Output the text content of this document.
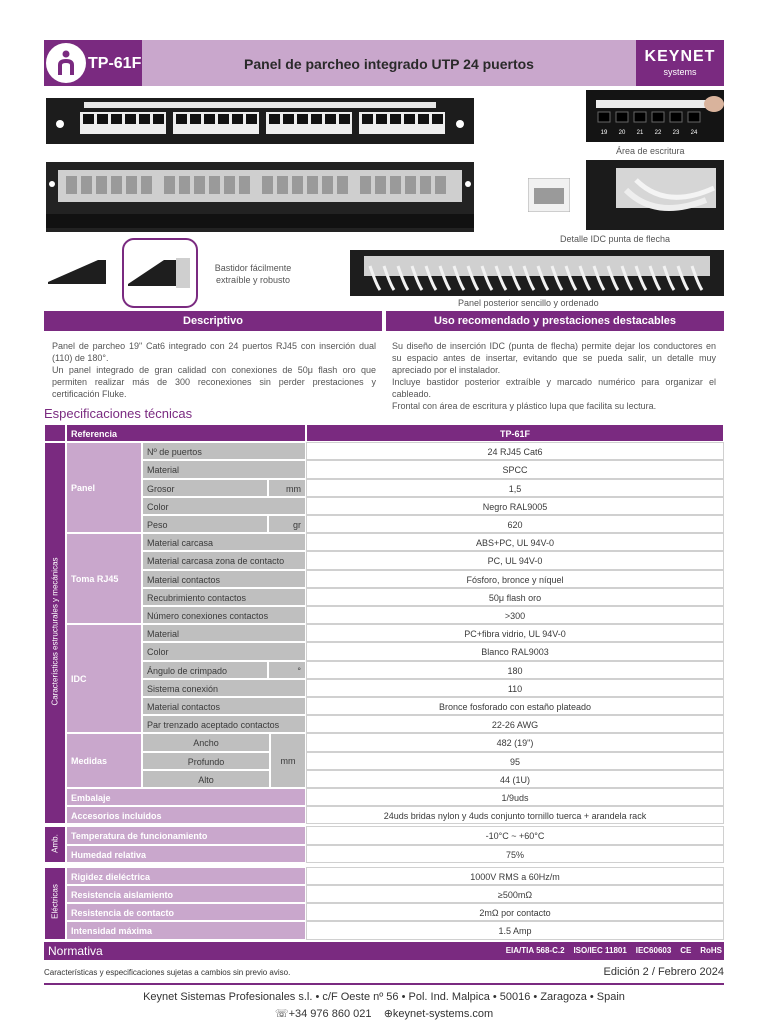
TP-61F	Panel de parcheo integrado UTP 24 puertos	KEYNET
systems
19 20 21 22 23 24
Área de escritura
Detalle IDC punta de flecha
Bastidor fácilmente extraíble y robusto
Panel posterior sencillo y ordenado
Descriptivo	Uso recomendado y prestaciones destacables
Panel de parcheo 19" Cat6 integrado con 24 puertos RJ45 con inserción dual (110) de 180°.
Un panel integrado de gran calidad con conexiones de 50μ flash oro que permiten realizar más de 300 reconexiones sin perder prestaciones y certificación Fluke.
Su diseño de inserción IDC (punta de flecha) permite dejar los conductores en su espacio antes de insertar, evitando que se pueda salir, un detalle muy apreciado por el instalador.
Incluye bastidor posterior extraíble y marcado numérico para organizar el cableado.
Frontal con área de escritura y plástico lupa que facilita su lectura.
Especificaciones técnicas
Referencia	TP-61F
Panel
Toma RJ45
IDC
Medidas
Nº de puertos	24 RJ45 Cat6
Material	SPCC
Grosor	mm	1,5
Color	Negro RAL9005
Peso	gr	620
Material carcasa	ABS+PC, UL 94V-0
Material carcasa zona de contacto	PC, UL 94V-0
Material contactos	Fósforo, bronce y níquel
Recubrimiento contactos	50μ flash oro
Número conexiones contactos	>300
Material	PC+fibra vidrio, UL 94V-0
Color	Blanco RAL9003
Ángulo de crimpado	°	180
Sistema conexión	110
Material contactos	Bronce fosforado con estaño plateado
Par trenzado aceptado contactos	22-26 AWG
Ancho	482 (19")
Profundo	95
Alto	44 (1U)
mm
Embalaje	1/9uds
Accesorios incluidos	24uds bridas nylon y 4uds conjunto tornillo tuerca + arandela rack
Temperatura de funcionamiento	-10°C ~ +60°C
Humedad relativa	75%
Rigidez dieléctrica	1000V RMS a 60Hz/m
Resistencia aislamiento	≥500mΩ
Resistencia de contacto	2mΩ por contacto
Intensidad máxima	1.5 Amp
Características estructurales y mecánicas
Amb.
Eléctricas
Normativa	EIA/TIA 568-C.2 ISO/IEC 11801 IEC60603 CE RoHS
Características y especificaciones sujetas a cambios sin previo aviso.	Edición 2 / Febrero 2024
Keynet Sistemas Profesionales s.l. • c/F Oeste nº 56 • Pol. Ind. Malpica • 50016 • Zaragoza • Spain
☏+34 976 860 021 ⊕keynet-systems.com
